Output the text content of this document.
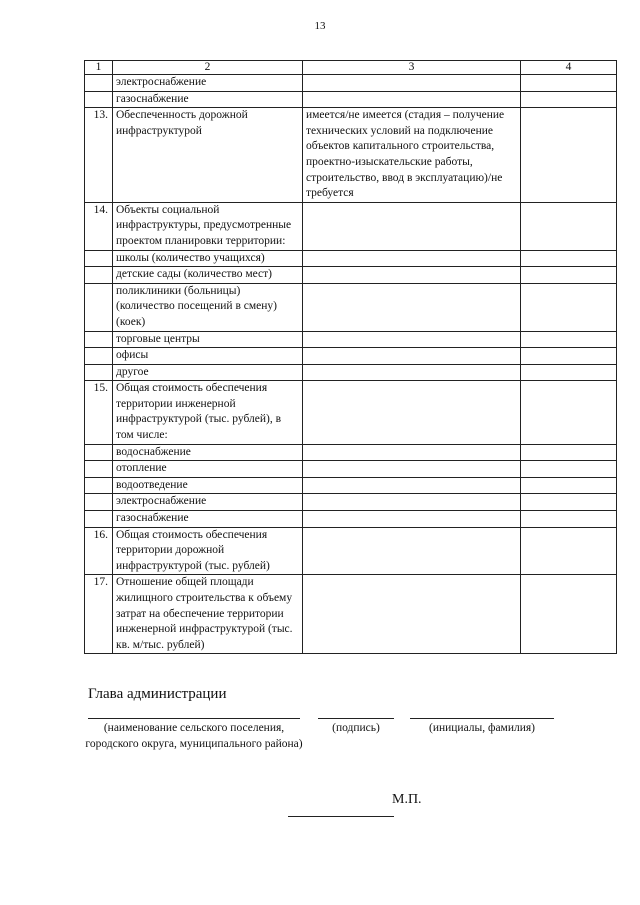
13
1	2	3	4
	электроснабжение		
	газоснабжение		
13.	Обеспеченность дорожной инфраструктурой	имеется/не имеется (стадия – получение технических условий на подключение объектов капитального строительства, проектно-изыскательские работы, строительство, ввод в эксплуатацию)/не требуется	
14.	Объекты социальной инфраструктуры, предусмотренные проектом планировки территории:		
	школы (количество учащихся)		
	детские сады (количество мест)		
	поликлиники (больницы) (количество посещений в смену) (коек)		
	торговые центры		
	офисы		
	другое		
15.	Общая стоимость обеспечения территории инженерной инфраструктурой (тыс. рублей), в том числе:		
	водоснабжение		
	отопление		
	водоотведение		
	электроснабжение		
	газоснабжение		
16.	Общая стоимость обеспечения территории дорожной инфраструктурой (тыс. рублей)		
17.	Отношение общей площади жилищного строительства к объему затрат на обеспечение территории инженерной инфраструктурой (тыс. кв. м/тыс. рублей)		
Глава администрации
(наименование сельского поселения, городского округа, муниципального района)
(подпись)	(инициалы, фамилия)
М.П.
